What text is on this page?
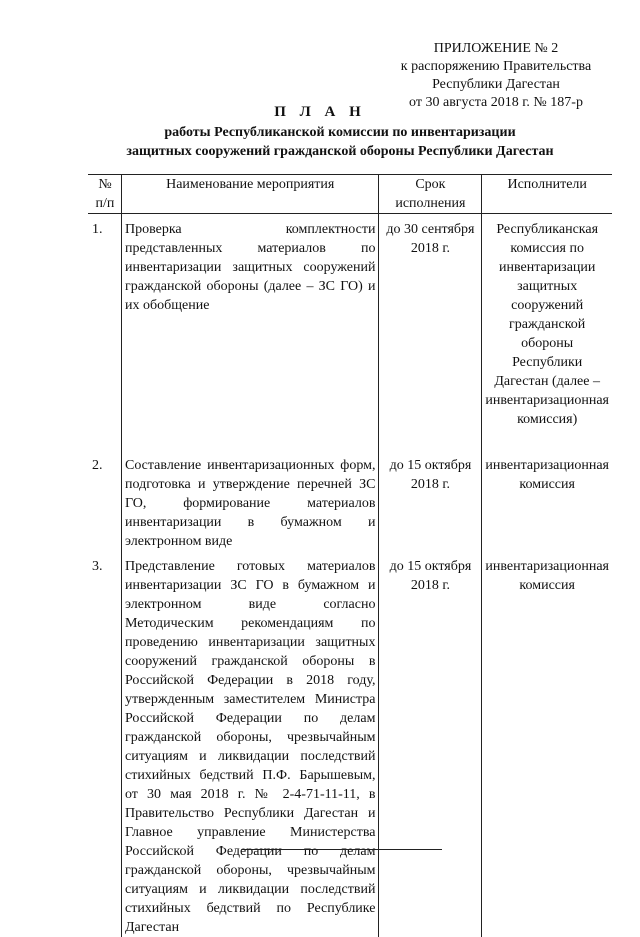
ПРИЛОЖЕНИЕ № 2
к распоряжению Правительства
Республики Дагестан
от 30 августа 2018 г. № 187-р
П Л А Н
работы Республиканской комиссии по инвентаризации
защитных сооружений гражданской обороны Республики Дагестан
№ п/п	Наименование мероприятия	Срок исполнения	Исполнители
1.	Проверка комплектности представленных материалов по инвентаризации защитных сооружений гражданской обороны (далее – ЗС ГО) и их обобщение	до 30 сентября 2018 г.	Республиканская комиссия по инвентаризации защитных сооружений гражданской обороны Республики Дагестан (далее – инвентаризационная комиссия)
2.	Составление инвентаризационных форм, подготовка и утверждение перечней ЗС ГО, формирование материалов инвентаризации в бумажном и электронном виде	до 15 октября 2018 г.	инвентаризационная комиссия
3.	Представление готовых материалов инвентаризации ЗС ГО в бумажном и электронном виде согласно Методическим рекомендациям по проведению инвентаризации защитных сооружений гражданской обороны в Российской Федерации в 2018 году, утвержденным заместителем Министра Российской Федерации по делам гражданской обороны, чрезвычайным ситуациям и ликвидации последствий стихийных бедствий П.Ф. Барышевым, от 30 мая 2018 г. № 2-4-71-11-11, в Правительство Республики Дагестан и Главное управление Министерства Российской Федерации по делам гражданской обороны, чрезвычайным ситуациям и ликвидации последствий стихийных бедствий по Республике Дагестан	до 15 октября 2018 г.	инвентаризационная комиссия
